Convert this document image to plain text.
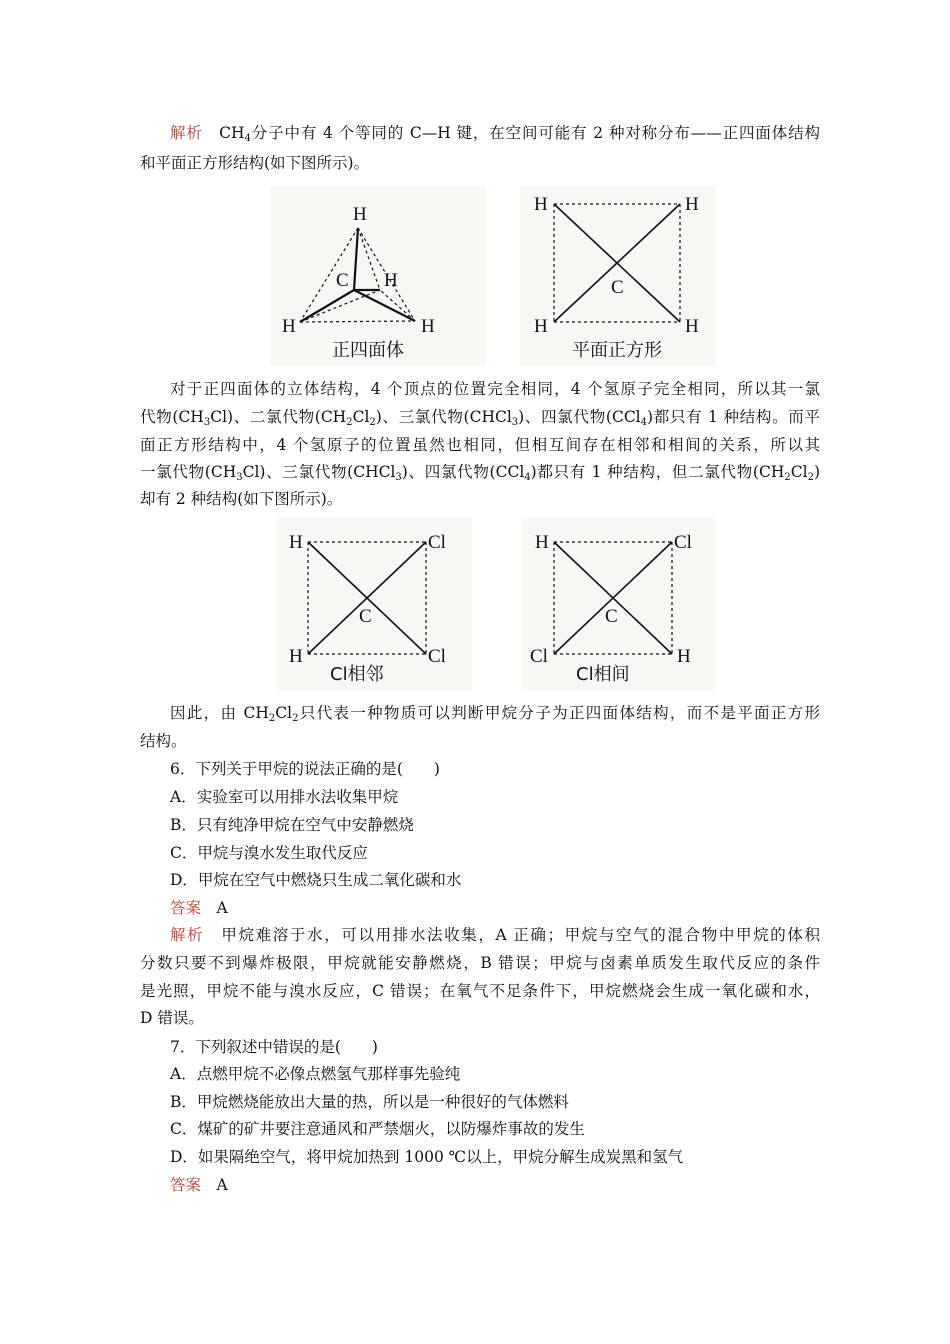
解析　 $CH_4$分子中有 4 个等同的 C—H 键，在空间可能有 2 种对称分布——正四面体结构
和平面正方形结构(如下图所示)。
H
C H
H	H
正四面体
H	H
C
H	H
平面正方形
对于正四面体的立体结构，4 个顶点的位置完全相同，4 个氢原子完全相同，所以其一氯
代物$(CH_3Cl)$、二氯代物$(CH_2Cl_2)$、三氯代物(CHCl$_3$)、四氯代物(CCl$_4$)都只有 1 种结构。而平
面正方形结构中，4 个氢原子的位置虽然也相同，但相互间存在相邻和相间的关系，所以其
一氯代物$(CH_3Cl)$、三氯代物(CHCl$_3$)、四氯代物(CCl$_4$)都只有 1 种结构，但二氯代物$(CH_2Cl_2)$
却有 2 种结构(如下图所示)。
H	Cl
C
H	Cl
Cl相邻
H	Cl
C
Cl	H
Cl相间
因此，由 $CH_2Cl_2$只代表一种物质可以判断甲烷分子为正四面体结构，而不是平面正方形
结构。
6．下列关于甲烷的说法正确的是(　　)
A．实验室可以用排水法收集甲烷
B．只有纯净甲烷在空气中安静燃烧
C．甲烷与溴水发生取代反应
D．甲烷在空气中燃烧只生成二氧化碳和水
答案　 A
解析　 甲烷难溶于水，可以用排水法收集，A 正确；甲烷与空气的混合物中甲烷的体积
分数只要不到爆炸极限，甲烷就能安静燃烧，B 错误；甲烷与卤素单质发生取代反应的条件
是光照，甲烷不能与溴水反应，C 错误；在氧气不足条件下，甲烷燃烧会生成一氧化碳和水，
D 错误。
7．下列叙述中错误的是(　　)
A．点燃甲烷不必像点燃氢气那样事先验纯
B．甲烷燃烧能放出大量的热，所以是一种很好的气体燃料
C．煤矿的矿井要注意通风和严禁烟火，以防爆炸事故的发生
D．如果隔绝空气，将甲烷加热到 1000 ℃以上，甲烷分解生成炭黑和氢气
答案　 A
